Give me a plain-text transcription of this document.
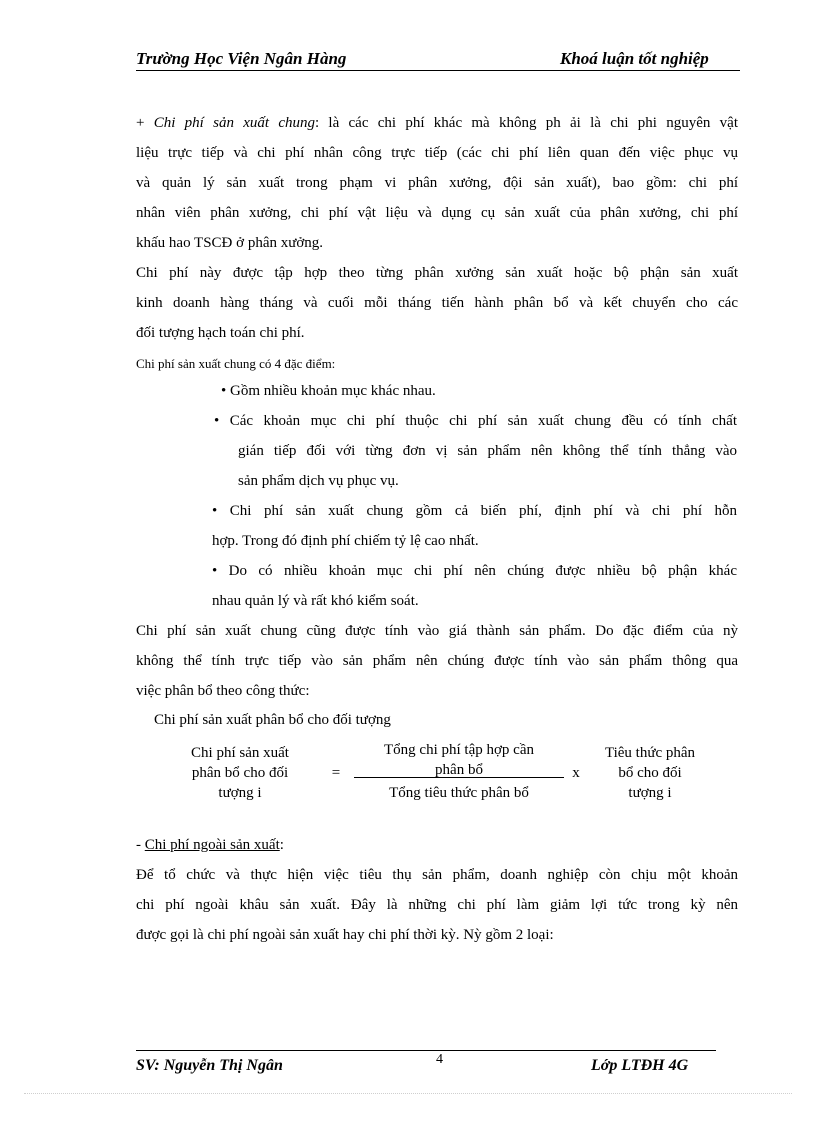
Trường Học Viện Ngân Hàng	Khoá luận tốt nghiệp
+ Chi phí sản xuất chung: là các chi phí khác mà không ph ải là chi phi nguyên vật
liệu trực tiếp và chi phí nhân công trực tiếp (các chi phí liên quan đến việc phục vụ
và quản lý sản xuất trong phạm vi phân xưởng, đội sản xuất), bao gồm: chi phí
nhân viên phân xưởng, chi phí vật liệu và dụng cụ sản xuất của phân xưởng, chi phí
khấu hao TSCĐ ở phân xưởng.
Chi phí này được tập hợp theo từng phân xưởng sản xuất hoặc bộ phận sản xuất
kinh doanh hàng tháng và cuối mỗi tháng tiến hành phân bổ và kết chuyển cho các
đối tượng hạch toán chi phí.
Chi phí sản xuất chung có 4 đặc điểm:
• Gồm nhiều khoản mục khác nhau.
• Các khoản mục chi phí thuộc chi phí sản xuất chung đều có tính chất
gián tiếp đối với từng đơn vị sản phẩm nên không thể tính thẳng vào
sản phẩm dịch vụ phục vụ.
• Chi phí sản xuất chung gồm cả biến phí, định phí và chi phí hỗn
hợp. Trong đó định phí chiếm tỷ lệ cao nhất.
• Do có nhiều khoản mục chi phí nên chúng được nhiều bộ phận khác
nhau quản lý và rất khó kiểm soát.
Chi phí sản xuất chung cũng được tính vào giá thành sản phẩm. Do đặc điểm của nỳ
không thể tính trực tiếp vào sản phẩm nên chúng được tính vào sản phẩm thông qua
việc phân bổ theo công thức:
Chi phí sản xuất phân bổ cho đối tượng
Chi phí sản xuất
phân bổ cho đối
tượng i
=
Tổng chi phí tập hợp cần
phân bổ
Tổng tiêu thức phân bổ
x
Tiêu thức phân
bổ cho đối
tượng i
- Chi phí ngoài sản xuất:
Để tổ chức và thực hiện việc tiêu thụ sản phẩm, doanh nghiệp còn chịu một khoản
chi phí ngoài khâu sản xuất. Đây là những chi phí làm giảm lợi tức trong kỳ nên
được gọi là chi phí ngoài sản xuất hay chi phí thời kỳ. Nỳ gồm 2 loại:
4
SV: Nguyễn Thị Ngân	Lớp LTĐH 4G
